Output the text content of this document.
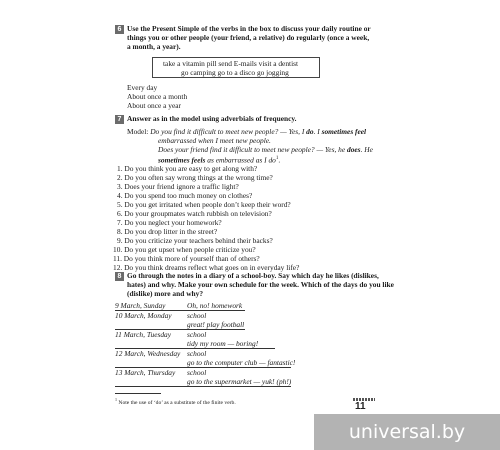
6 Use the Present Simple of the verbs in the box to discuss your daily routine or
things you or other people (your friend, a relative) do regularly (once a week,
a month, a year).
take a vitamin pill send E-mails visit a dentist
go camping go to a disco go jogging
Every day
About once a month
About once a year
7 Answer as in the model using adverbials of frequency.
Model: Do you find it difficult to meet new people? — Yes, I do. I sometimes feel
embarrassed when I meet new people.
Does your friend find it difficult to meet new people? — Yes, he does. He
sometimes feels as embarrassed as I $do^1$.
1. Do you think you are easy to get along with?
2. Do you often say wrong things at the wrong time?
3. Does your friend ignore a traffic light?
4. Do you spend too much money on clothes?
5. Do you get irritated when people don’t keep their word?
6. Do your groupmates watch rubbish on television?
7. Do you neglect your homework?
8. Do you drop litter in the street?
9. Do you criticize your teachers behind their backs?
10. Do you get upset when people criticize you?
11. Do you think more of yourself than of others?
12. Do you think dreams reflect what goes on in everyday life?
8 Go through the notes in a diary of a school-boy. Say which day he likes (dislikes,
hates) and why. Make your own schedule for the week. Which of the days do you like
(dislike) more and why?
9 March, Sunday	Oh, no! homework
10 March, Monday school
great! play football
11 March, Tuesday school
tidy my room — boring!
12 March, Wednesday school
go to the computer club — fantastic!
13 March, Thursday school
go to the supermarket — yuk! (ph!)
$^1$ Note the use of ‘do’ as a substitute of the finite verb.	11
universal.by
